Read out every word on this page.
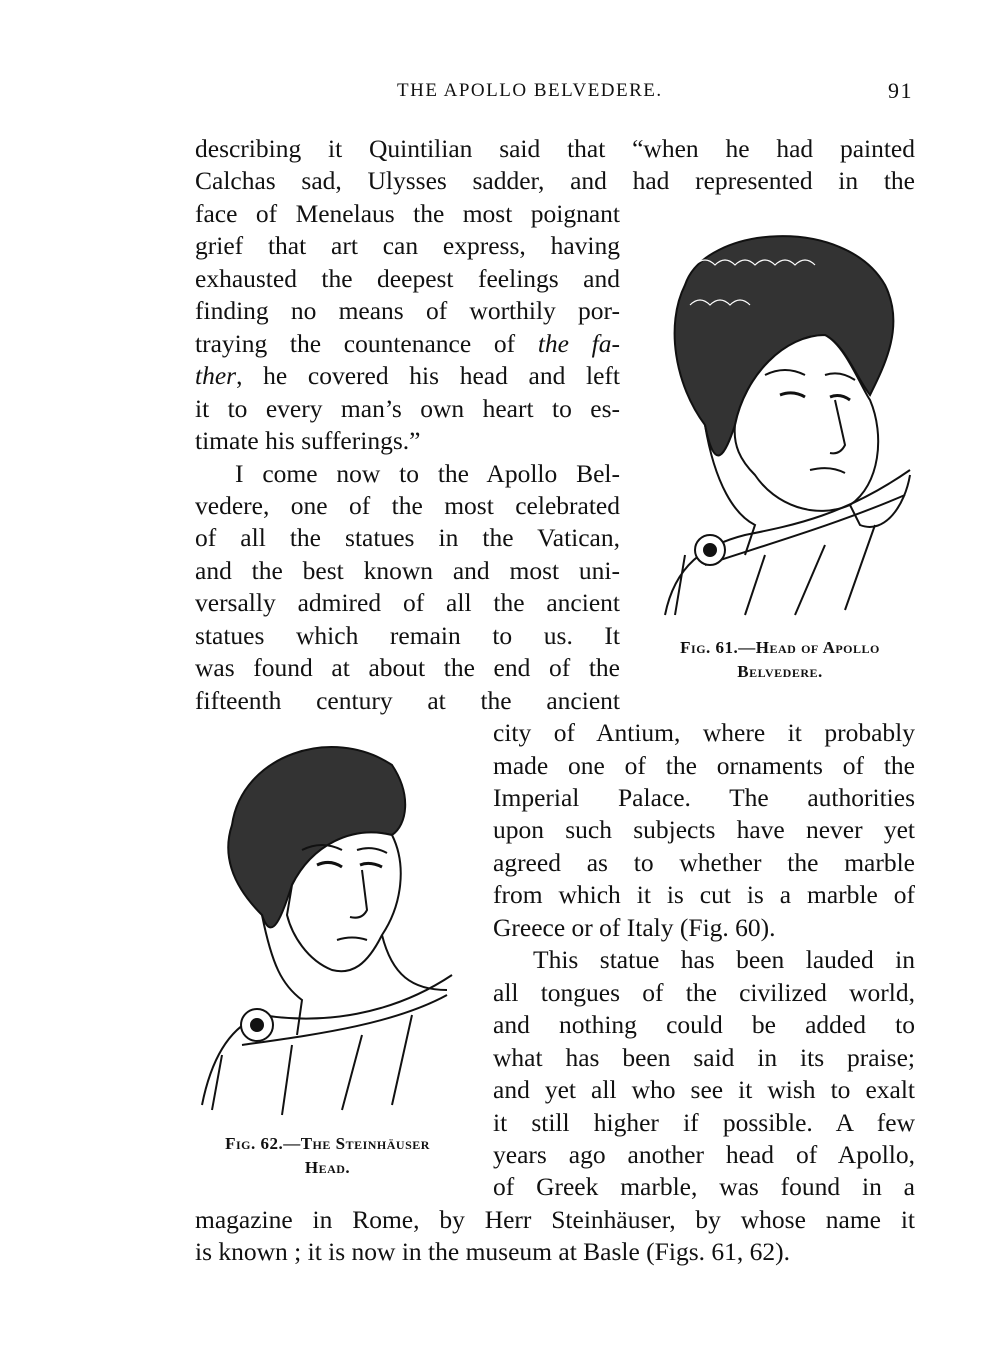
THE APOLLO BELVEDERE.	91
describing it Quintilian said that “when he had painted
Calchas sad, Ulysses sadder, and had represented in the
face of Menelaus the most poignant
grief that art can express, having
exhausted the deepest feelings and
finding no means of worthily por-
traying the countenance of the fa-
ther, he covered his head and left
it to every man’s own heart to es-
timate his sufferings.”
I come now to the Apollo Bel-
vedere, one of the most celebrated
of all the statues in the Vatican,
and the best known and most uni-
versally admired of all the ancient
statues which remain to us. It
was found at about the end of the
fifteenth century at the ancient
city of Antium, where it probably
made one of the ornaments of the
Imperial Palace. The authorities
upon such subjects have never yet
agreed as to whether the marble
from which it is cut is a marble of
Greece or of Italy (Fig. 60).
This statue has been lauded in
all tongues of the civilized world,
and nothing could be added to
what has been said in its praise;
and yet all who see it wish to exalt
it still higher if possible. A few
years ago another head of Apollo,
of Greek marble, was found in a
magazine in Rome, by Herr Steinhäuser, by whose name it
is known ; it is now in the museum at Basle (Figs. 61, 62).
Fig. 61.—Head of Apollo
Belvedere.
Fig. 62.—The Steinhäuser
Head.
